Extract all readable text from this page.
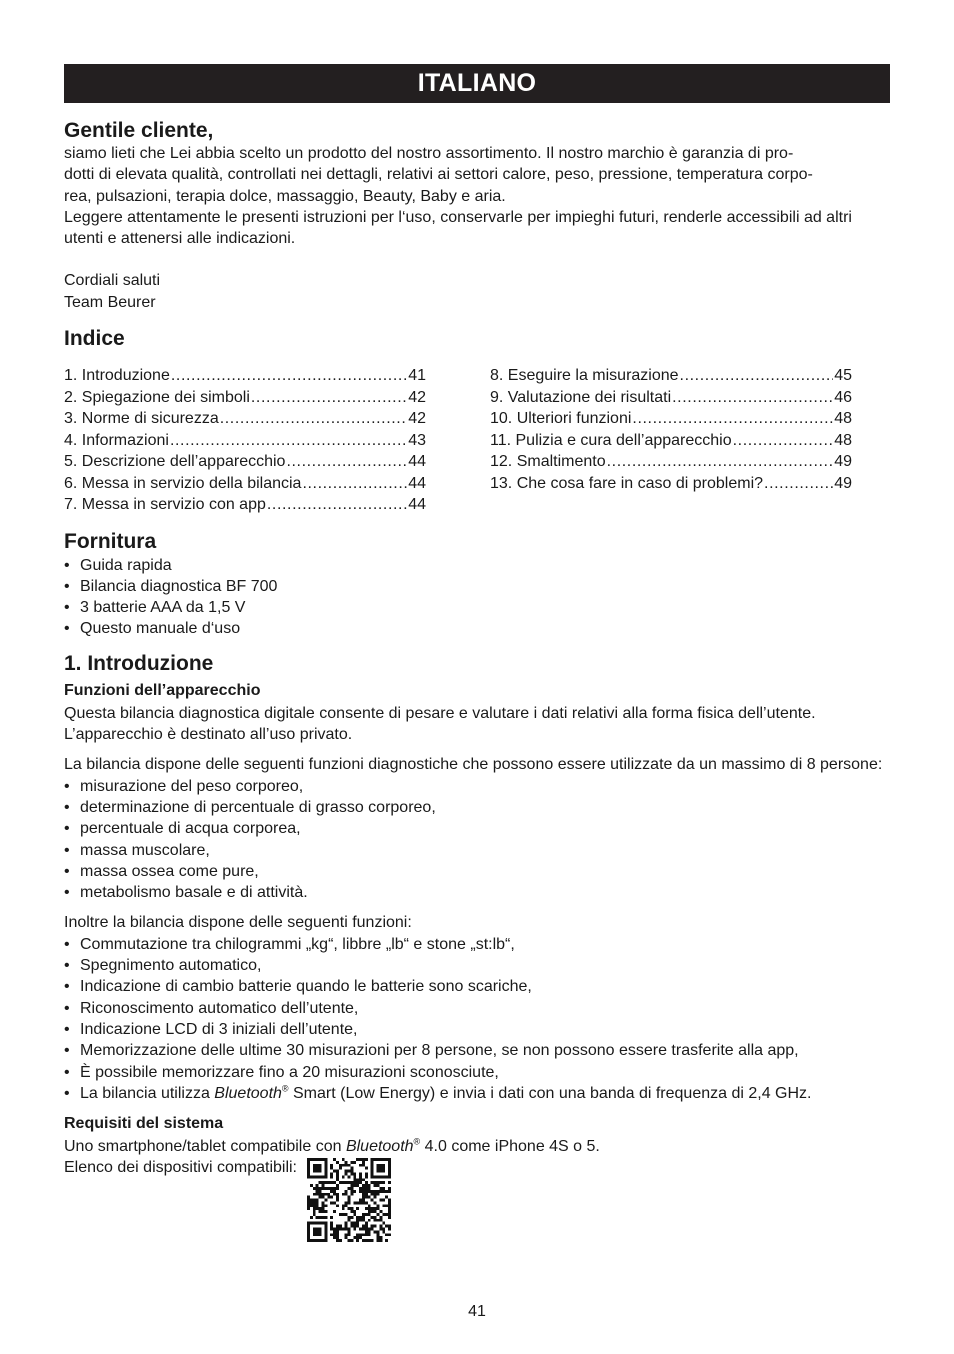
ITALIANO
Gentile cliente,

siamo lieti che Lei abbia scelto un prodotto del nostro assortimento. Il nostro marchio è garanzia di pro-
dotti di elevata qualità, controllati nei dettagli, relativi ai settori calore, peso, pressione, temperatura corpo-
rea, pulsazioni, terapia dolce, massaggio, Beauty, Baby e aria.

Leggere attentamente le presenti istruzioni per l‘uso, conservarle per impieghi futuri, renderle accessibili ad altri utenti e attenersi alle indicazioni.

Cordiali saluti

Team Beurer

Indice
1. Introduzione .....	41
2. Spiegazione dei simboli .....	42
3. Norme di sicurezza .....	42
4. Informazioni .....	43
5. Descrizione dell’apparecchio .....	44
6. Messa in servizio della bilancia .....	44
7. Messa in servizio con app .....	44
8. Eseguire la misurazione .....	45
9. Valutazione dei risultati .....	46
10. Ulteriori funzioni .....	48
11. Pulizia e cura dell’apparecchio .....	48
12. Smaltimento .....	49
13. Che cosa fare in caso di problemi? .....	49
Fornitura
• Guida rapida
• Bilancia diagnostica BF 700
• 3 batterie AAA da 1,5 V
• Questo manuale d‘uso
1. Introduzione
Funzioni dell’apparecchio

Questa bilancia diagnostica digitale consente di pesare e valutare i dati relativi alla forma fisica dell’utente. L’apparecchio è destinato all’uso privato.

La bilancia dispone delle seguenti funzioni diagnostiche che possono essere utilizzate da un massimo di 8 persone:

• misurazione del peso corporeo,
• determinazione di percentuale di grasso corporeo,
• percentuale di acqua corporea,
• massa muscolare,
• massa ossea come pure,
• metabolismo basale e di attività.

Inoltre la bilancia dispone delle seguenti funzioni:

• Commutazione tra chilogrammi „kg“, libbre „lb“ e stone „st:lb“,
• Spegnimento automatico,
• Indicazione di cambio batterie quando le batterie sono scariche,
• Riconoscimento automatico dell’utente,
• Indicazione LCD di 3 iniziali dell’utente,
• Memorizzazione delle ultime 30 misurazioni per 8 persone, se non possono essere trasferite alla app,
• È possibile memorizzare fino a 20 misurazioni sconosciute,
• La bilancia utilizza Bluetooth® Smart (Low Energy) e invia i dati con una banda di frequenza di 2,4 GHz.
Requisiti del sistema

Uno smartphone/tablet compatibile con Bluetooth® 4.0 come iPhone 4S o 5.

Elenco dei dispositivi compatibili:
41
